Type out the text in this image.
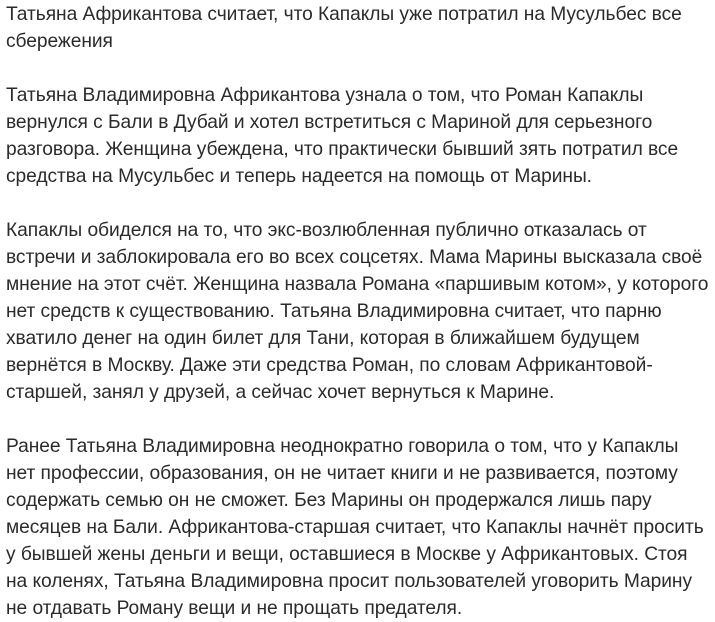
Татьяна Африкантова считает, что Капаклы уже потратил на Мусульбес все сбережения

Татьяна Владимировна Африкантова узнала о том, что Роман Капаклы вернулся с Бали в Дубай и хотел встретиться с Мариной для серьезного разговора. Женщина убеждена, что практически бывший зять потратил все средства на Мусульбес и теперь надеется на помощь от Марины.

Капаклы обиделся на то, что экс-возлюбленная публично отказалась от встречи и заблокировала его во всех соцсетях. Мама Марины высказала своё мнение на этот счёт. Женщина назвала Романа «паршивым котом», у которого нет средств к существованию. Татьяна Владимировна считает, что парню хватило денег на один билет для Тани, которая в ближайшем будущем вернётся в Москву. Даже эти средства Роман, по словам Африкантовой-старшей, занял у друзей, а сейчас хочет вернуться к Марине.

Ранее Татьяна Владимировна неоднократно говорила о том, что у Капаклы нет профессии, образования, он не читает книги и не развивается, поэтому содержать семью он не сможет. Без Марины он продержался лишь пару месяцев на Бали. Африкантова-старшая считает, что Капаклы начнёт просить у бывшей жены деньги и вещи, оставшиеся в Москве у Африкантовых. Стоя на коленях, Татьяна Владимировна просит пользователей уговорить Марину не отдавать Роману вещи и не прощать предателя.
